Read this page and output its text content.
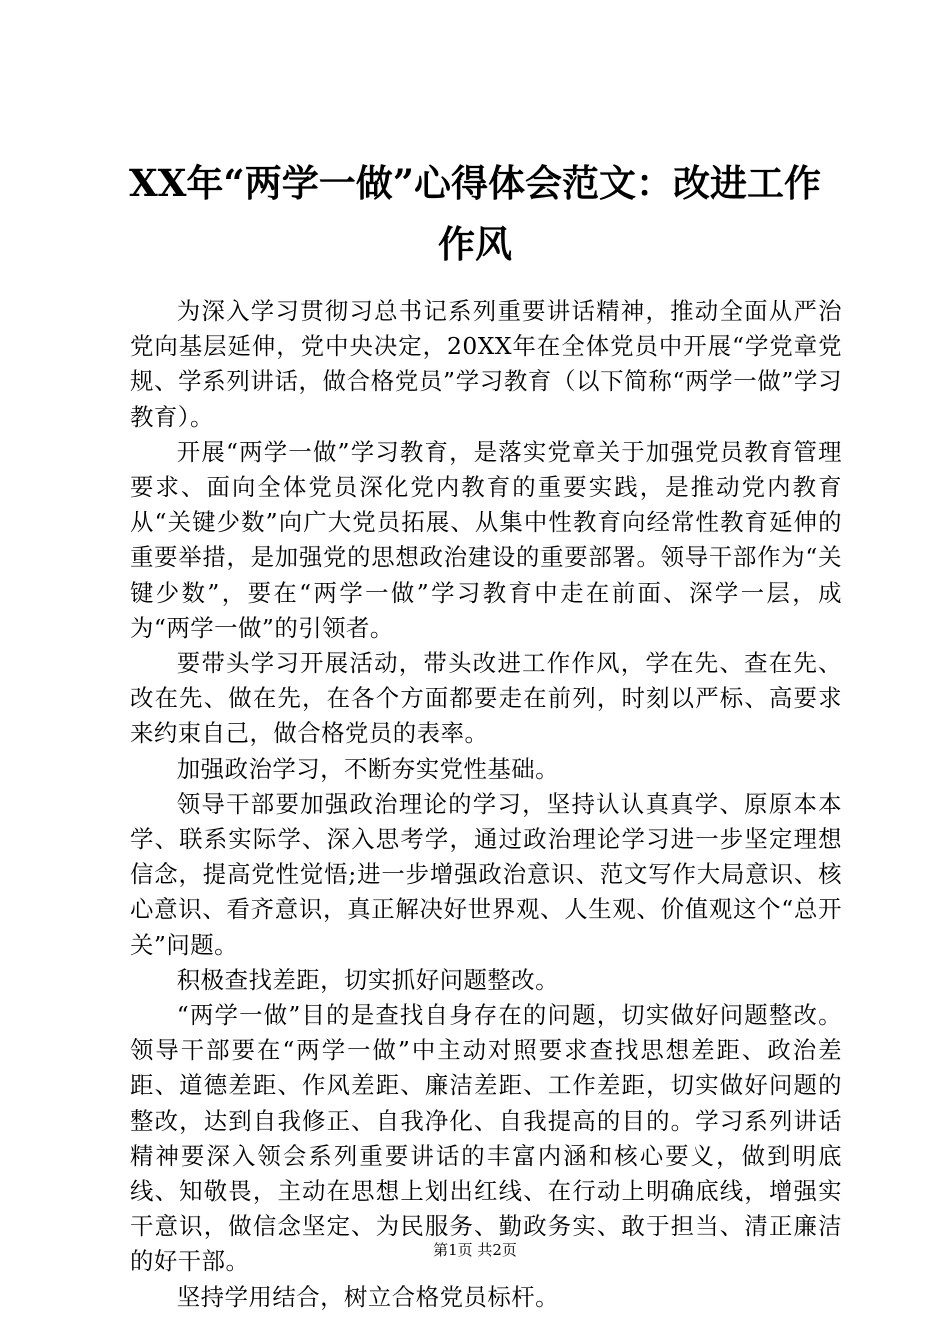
XX年“两学一做”心得体会范文：改进工作
作风

为深入学习贯彻习总书记系列重要讲话精神，推动全面从严治党向基层延伸，党中央决定，20XX年在全体党员中开展“学党章党规、学系列讲话，做合格党员”学习教育（以下简称“两学一做”学习教育）。

开展“两学一做”学习教育，是落实党章关于加强党员教育管理要求、面向全体党员深化党内教育的重要实践，是推动党内教育从“关键少数”向广大党员拓展、从集中性教育向经常性教育延伸的重要举措，是加强党的思想政治建设的重要部署。领导干部作为“关键少数”，要在“两学一做”学习教育中走在前面、深学一层，成为“两学一做”的引领者。

要带头学习开展活动，带头改进工作作风，学在先、查在先、改在先、做在先，在各个方面都要走在前列，时刻以严标、高要求来约束自己，做合格党员的表率。

加强政治学习，不断夯实党性基础。

领导干部要加强政治理论的学习，坚持认认真真学、原原本本学、联系实际学、深入思考学，通过政治理论学习进一步坚定理想信念，提高党性觉悟;进一步增强政治意识、范文写作大局意识、核心意识、看齐意识，真正解决好世界观、人生观、价值观这个“总开关”问题。

积极查找差距，切实抓好问题整改。

“两学一做”目的是查找自身存在的问题，切实做好问题整改。领导干部要在“两学一做”中主动对照要求查找思想差距、政治差距、道德差距、作风差距、廉洁差距、工作差距，切实做好问题的整改，达到自我修正、自我净化、自我提高的目的。学习系列讲话精神要深入领会系列重要讲话的丰富内涵和核心要义，做到明底线、知敬畏，主动在思想上划出红线、在行动上明确底线，增强实干意识，做信念坚定、为民服务、勤政务实、敢于担当、清正廉洁的好干部。

坚持学用结合，树立合格党员标杆。

第1页 共2页
